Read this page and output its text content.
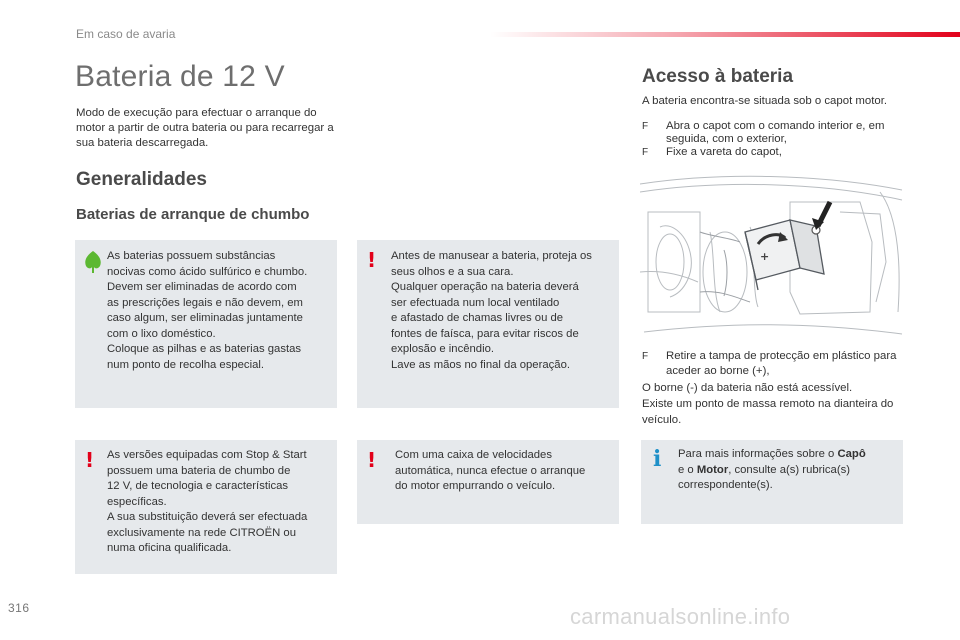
Em caso de avaria
Bateria de 12 V
Modo de execução para efectuar o arranque do motor a partir de outra bateria ou para recarregar a sua bateria descarregada.
Generalidades
Baterias de arranque de chumbo

As baterias possuem substâncias
nocivas como ácido sulfúrico e chumbo.
Devem ser eliminadas de acordo com
as prescrições legais e não devem, em
caso algum, ser eliminadas juntamente
com o lixo doméstico.
Coloque as pilhas e as baterias gastas
num ponto de recolha especial.

! Antes de manusear a bateria, proteja os
seus olhos e a sua cara.
Qualquer operação na bateria deverá
ser efectuada num local ventilado
e afastado de chamas livres ou de
fontes de faísca, para evitar riscos de
explosão e incêndio.
Lave as mãos no final da operação.

! As versões equipadas com Stop & Start
possuem uma bateria de chumbo de
12 V, de tecnologia e características
específicas.
A sua substituição deverá ser efectuada
exclusivamente na rede CITROËN ou
numa oficina qualificada.

! Com uma caixa de velocidades
automática, nunca efectue o arranque
do motor empurrando o veículo.

Acesso à bateria
A bateria encontra-se situada sob o capot motor.
F	Abra o capot com o comando interior e, em seguida, com o exterior,
F	Fixe a vareta do capot,
+
F	Retire a tampa de protecção em plástico para aceder ao borne (+),
O borne (-) da bateria não está acessível.
Existe um ponto de massa remoto na dianteira do veículo.
i Para mais informações sobre o Capô
e o Motor, consulte a(s) rubrica(s) correspondente(s).
316	carmanualsonline.info
